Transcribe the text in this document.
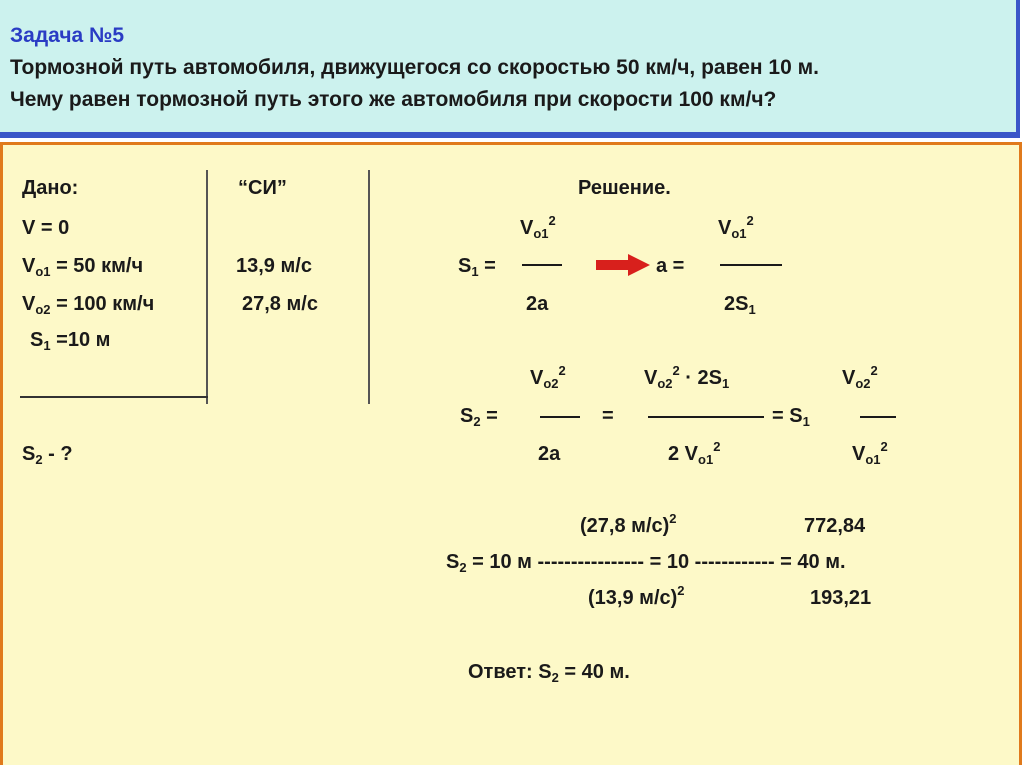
Задача №5
Тормозной путь автомобиля, движущегося со скоростью 50 км/ч, равен 10 м.
Чему равен тормозной путь этого же автомобиля при скорости 100 км/ч?
Дано:
V = 0
$V_{o1} = 50$ км/ч
$V_{o2} = 100$ км/ч
$S_1 =10$ м
$S_2$ - ?
“СИ”
13,9 м/с
27,8 м/с
Решение.
$V_{o1}^2$
$S_1$ =
2a
a =
$V_{o1}^2$
$2S_1$
$V_{o2}^2$	$V_{o2}^2 \cdot 2S_1$	$V_{o2}^2$
$S_2$ =	=	= $S_1$
2a	2 $V_{o1}^2$	$V_{o1}^2$
(27,8 м/с)$^2$	772,84
$S_2 = 10$ м ---------------- = 10 ------------ = 40 м.
(13,9 м/с)$^2$	193,21
Ответ: $S_2 = 40$ м.
